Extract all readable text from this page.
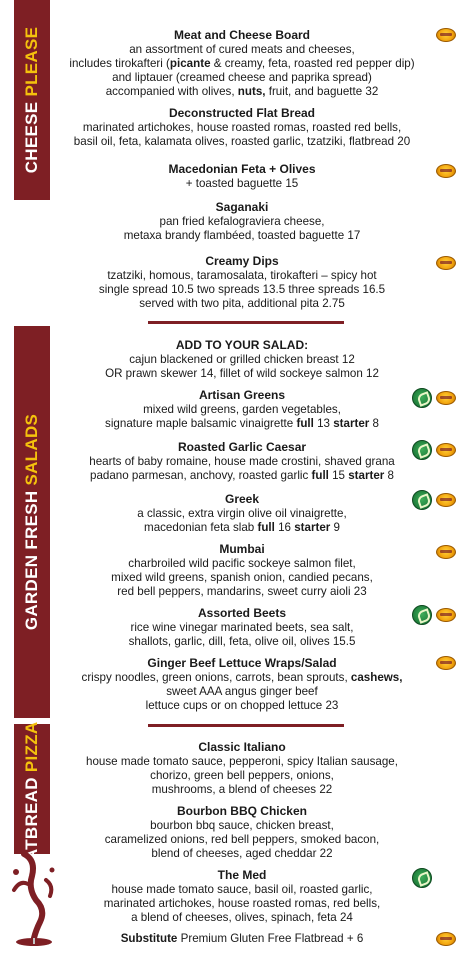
CHEESE PLEASE
GARDEN FRESH SALADS
FLATBREAD PIZZA
Meat and Cheese Board
an assortment of cured meats and cheeses,
includes tirokafteri (picante & creamy, feta, roasted red pepper dip)
and liptauer (creamed cheese and paprika spread)
accompanied with olives, nuts, fruit, and baguette 32
Deconstructed Flat Bread
marinated artichokes, house roasted romas, roasted red bells,
basil oil, feta, kalamata olives, roasted garlic, tzatziki, flatbread 20
Macedonian Feta + Olives
+ toasted baguette 15
Saganaki
pan fried kefalograviera cheese,
metaxa brandy flambéed, toasted baguette 17
Creamy Dips
tzatziki, homous, taramosalata, tirokafteri – spicy hot
single spread 10.5 two spreads 13.5 three spreads 16.5
served with two pita, additional pita 2.75
ADD TO YOUR SALAD:
cajun blackened or grilled chicken breast 12
OR prawn skewer 14, fillet of wild sockeye salmon 12
Artisan Greens
mixed wild greens, garden vegetables,
signature maple balsamic vinaigrette full 13 starter 8
Roasted Garlic Caesar
hearts of baby romaine, house made crostini, shaved grana
padano parmesan, anchovy, roasted garlic full 15 starter 8
Greek
a classic, extra virgin olive oil vinaigrette,
macedonian feta slab full 16 starter 9
Mumbai
charbroiled wild pacific sockeye salmon filet,
mixed wild greens, spanish onion, candied pecans,
red bell peppers, mandarins, sweet curry aioli 23
Assorted Beets
rice wine vinegar marinated beets, sea salt,
shallots, garlic, dill, feta, olive oil, olives 15.5
Ginger Beef Lettuce Wraps/Salad
crispy noodles, green onions, carrots, bean sprouts, cashews,
sweet AAA angus ginger beef
lettuce cups or on chopped lettuce 23
Classic Italiano
house made tomato sauce, pepperoni, spicy Italian sausage,
chorizo, green bell peppers, onions,
mushrooms, a blend of cheeses 22
Bourbon BBQ Chicken
bourbon bbq sauce, chicken breast,
caramelized onions, red bell peppers, smoked bacon,
blend of cheeses, aged cheddar 22
The Med
house made tomato sauce, basil oil, roasted garlic,
marinated artichokes, house roasted romas, red bells,
a blend of cheeses, olives, spinach, feta 24
Substitute Premium Gluten Free Flatbread + 6
